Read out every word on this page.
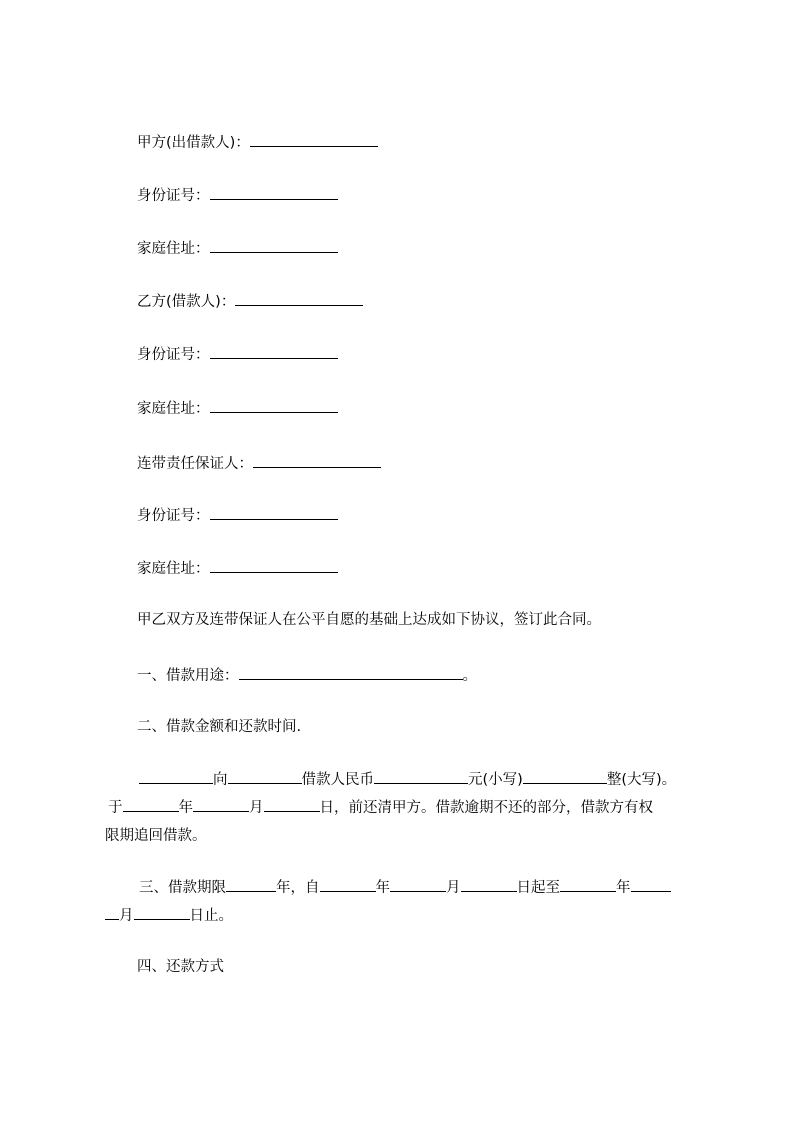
甲方(出借款人)：
身份证号：
家庭住址：
乙方(借款人)：
身份证号：
家庭住址：
连带责任保证人：
身份证号：
家庭住址：
甲乙双方及连带保证人在公平自愿的基础上达成如下协议，签订此合同。
一、借款用途：	。
二、借款金额和还款时间.

向	借款人民币	元(小写)	整(大写)。

于	年	月	日，前还清甲方。借款逾期不还的部分，借款方有权

限期追回借款。

三、借款期限	年，自	年	月	日起至	年

月	日止。

四、还款方式
